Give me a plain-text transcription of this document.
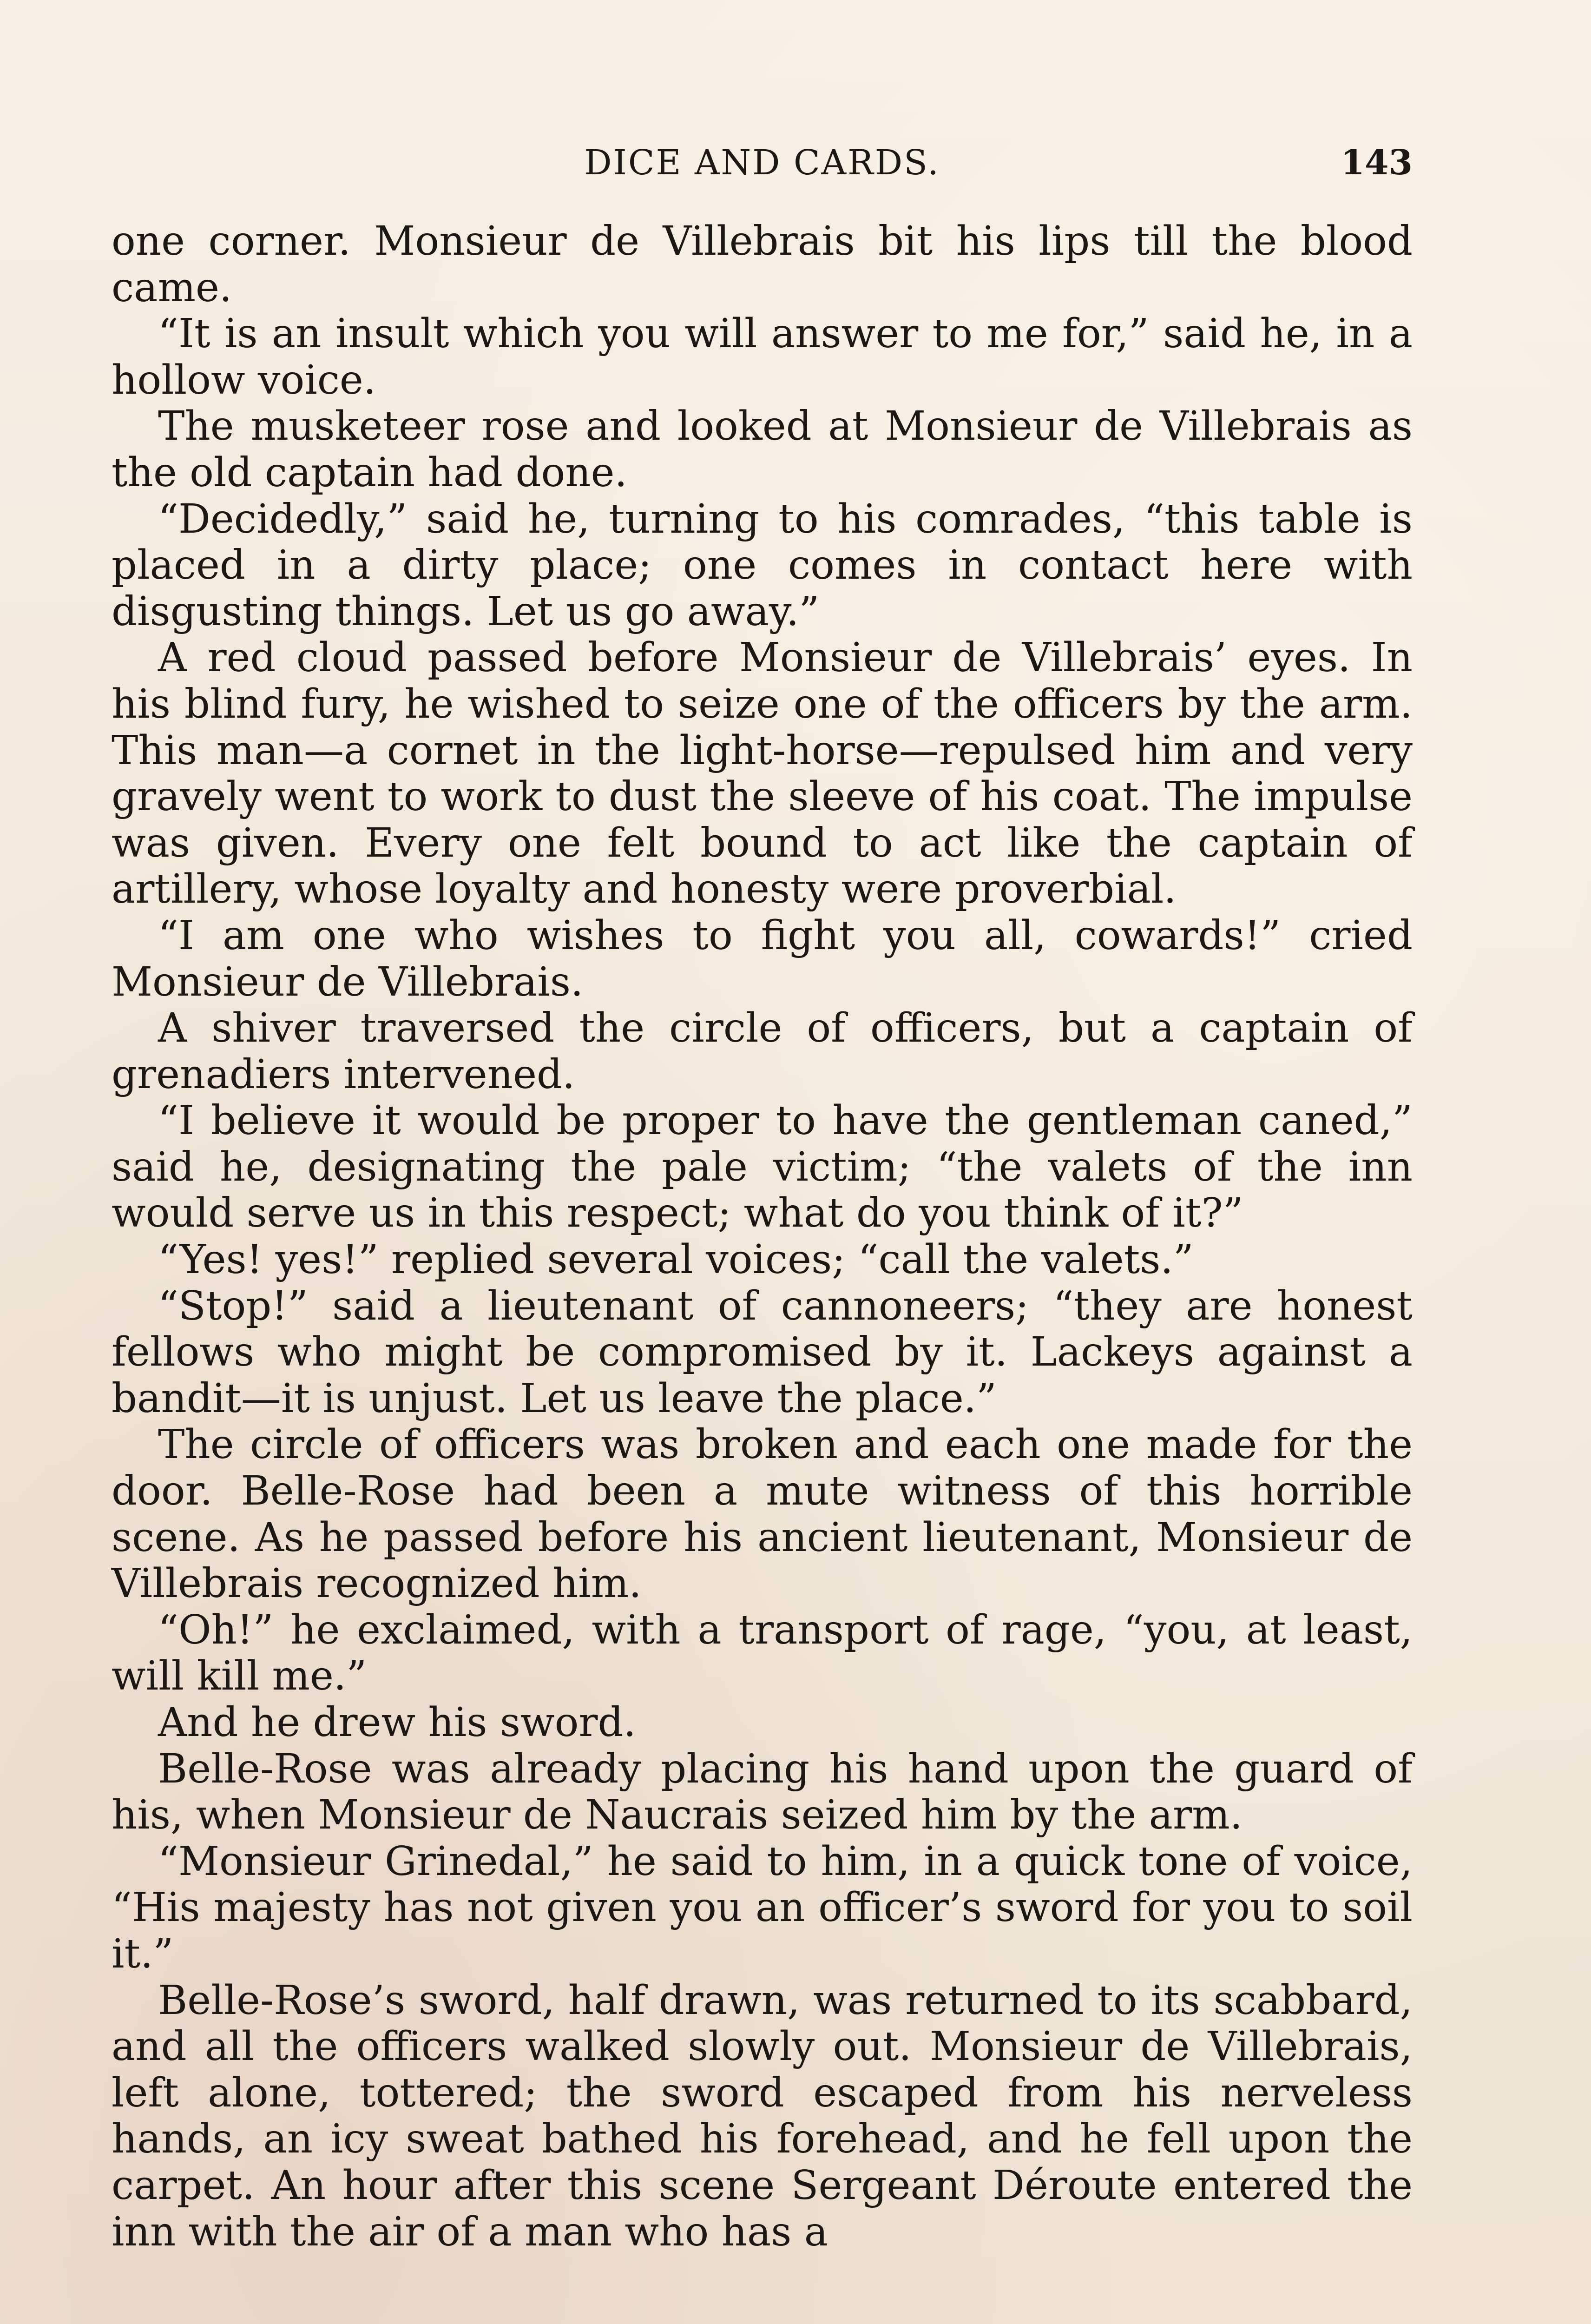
DICE AND CARDS.	143

one corner. Monsieur de Villebrais bit his lips till the blood came.

“It is an insult which you will answer to me for,” said he, in a hollow voice.

The musketeer rose and looked at Monsieur de Villebrais as the old captain had done.

“Decidedly,” said he, turning to his comrades, “this table is placed in a dirty place; one comes in contact here with disgusting things. Let us go away.”

A red cloud passed before Monsieur de Villebrais’ eyes. In his blind fury, he wished to seize one of the officers by the arm. This man—a cornet in the light-horse—repulsed him and very gravely went to work to dust the sleeve of his coat. The impulse was given. Every one felt bound to act like the captain of artillery, whose loyalty and honesty were proverbial.

“I am one who wishes to fight you all, cowards!” cried Monsieur de Villebrais.

A shiver traversed the circle of officers, but a captain of grenadiers intervened.

“I believe it would be proper to have the gentleman caned,” said he, designating the pale victim; “the valets of the inn would serve us in this respect; what do you think of it?”

“Yes! yes!” replied several voices; “call the valets.”

“Stop!” said a lieutenant of cannoneers; “they are honest fellows who might be compromised by it. Lackeys against a bandit—it is unjust. Let us leave the place.”

The circle of officers was broken and each one made for the door. Belle-Rose had been a mute witness of this horrible scene. As he passed before his ancient lieutenant, Monsieur de Villebrais recognized him.

“Oh!” he exclaimed, with a transport of rage, “you, at least, will kill me.”

And he drew his sword.

Belle-Rose was already placing his hand upon the guard of his, when Monsieur de Naucrais seized him by the arm.

“Monsieur Grinedal,” he said to him, in a quick tone of voice, “His majesty has not given you an officer’s sword for you to soil it.”

Belle-Rose’s sword, half drawn, was returned to its scabbard, and all the officers walked slowly out. Monsieur de Villebrais, left alone, tottered; the sword escaped from his nerveless hands, an icy sweat bathed his forehead, and he fell upon the carpet. An hour after this scene Sergeant Déroute entered the inn with the air of a man who has a
